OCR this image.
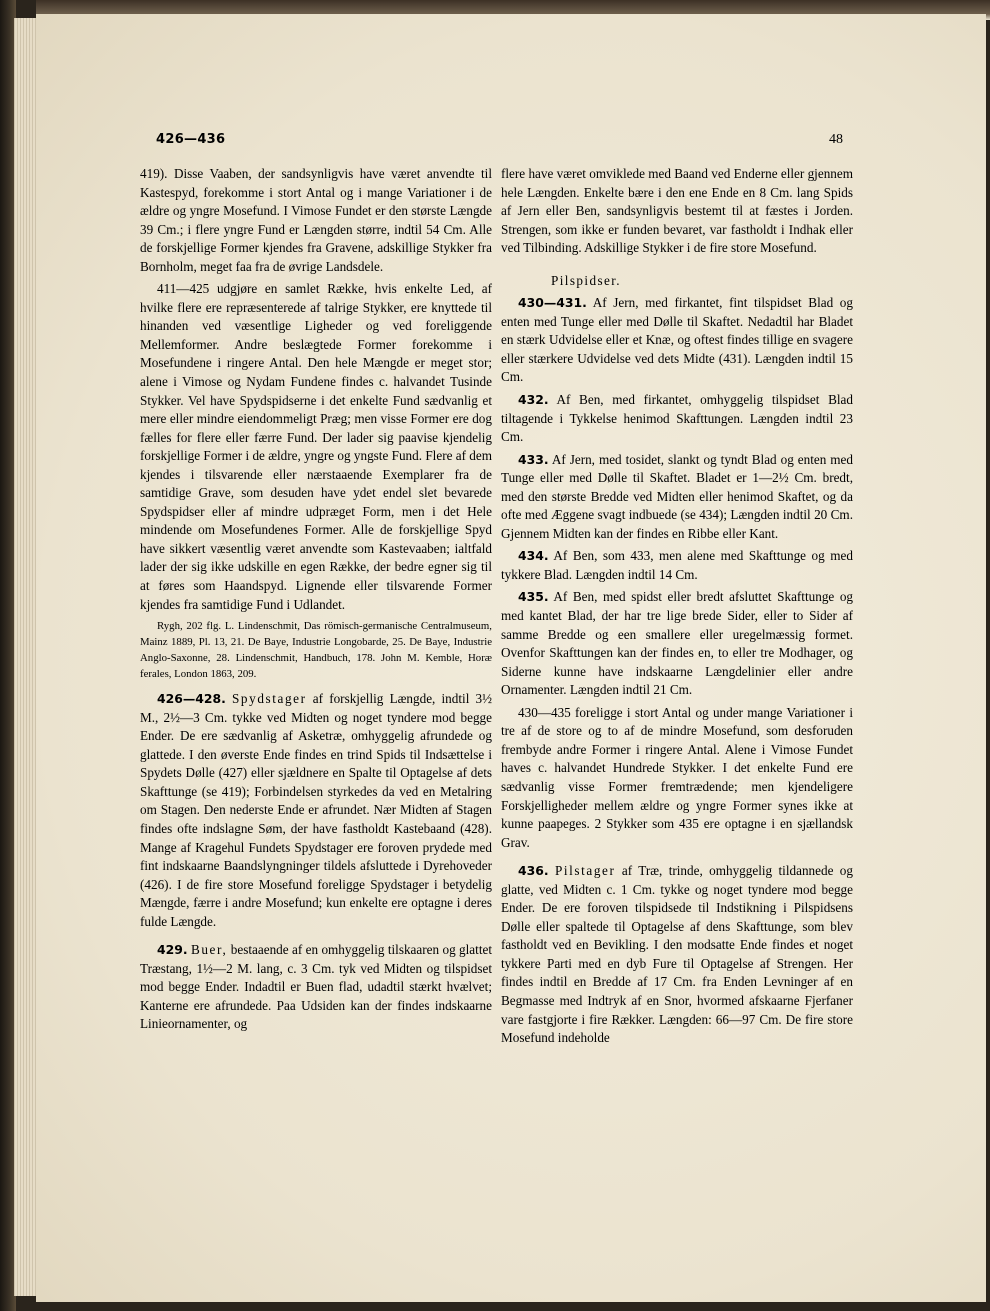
426—436	48

419). Disse Vaaben, der sandsynligvis have været anvendte til Kastespyd, forekomme i stort Antal og i mange Variationer i de ældre og yngre Mosefund. I Vimose Fundet er den største Længde 39 Cm.; i flere yngre Fund er Længden større, indtil 54 Cm. Alle de forskjellige Former kjendes fra Gravene, adskillige Stykker fra Bornholm, meget faa fra de øvrige Landsdele.

411—425 udgjøre en samlet Række, hvis enkelte Led, af hvilke flere ere repræsenterede af talrige Stykker, ere knyttede til hinanden ved væsentlige Ligheder og ved foreliggende Mellemformer. Andre beslægtede Former forekomme i Mosefundene i ringere Antal. Den hele Mængde er meget stor; alene i Vimose og Nydam Fundene findes c. halvandet Tusinde Stykker. Vel have Spydspidserne i det enkelte Fund sædvanlig et mere eller mindre eiendommeligt Præg; men visse Former ere dog fælles for flere eller færre Fund. Der lader sig paavise kjendelig forskjellige Former i de ældre, yngre og yngste Fund. Flere af dem kjendes i tilsvarende eller nærstaaende Exemplarer fra de samtidige Grave, som desuden have ydet endel slet bevarede Spydspidser eller af mindre udpræget Form, men i det Hele mindende om Mosefundenes Former. Alle de forskjellige Spyd have sikkert væsentlig været anvendte som Kastevaaben; ialtfald lader der sig ikke udskille en egen Række, der bedre egner sig til at føres som Haandspyd. Lignende eller tilsvarende Former kjendes fra samtidige Fund i Udlandet.

Rygh, 202 flg. L. Lindenschmit, Das römisch-germanische Centralmuseum, Mainz 1889, Pl. 13, 21. De Baye, Industrie Longobarde, 25. De Baye, Industrie Anglo-Saxonne, 28. Lindenschmit, Handbuch, 178. John M. Kemble, Horæ ferales, London 1863, 209.

426—428. Spydstager af forskjellig Længde, indtil 3½ M., 2½—3 Cm. tykke ved Midten og noget tyndere mod begge Ender. De ere sædvanlig af Asketræ, omhyggelig afrundede og glattede. I den øverste Ende findes en trind Spids til Indsættelse i Spydets Dølle (427) eller sjældnere en Spalte til Optagelse af dets Skafttunge (se 419); Forbindelsen styrkedes da ved en Metalring om Stagen. Den nederste Ende er afrundet. Nær Midten af Stagen findes ofte indslagne Søm, der have fastholdt Kastebaand (428). Mange af Kragehul Fundets Spydstager ere foroven prydede med fint indskaarne Baandslyngninger tildels afsluttede i Dyrehoveder (426). I de fire store Mosefund foreligge Spydstager i betydelig Mængde, færre i andre Mosefund; kun enkelte ere optagne i deres fulde Længde.

429. Buer, bestaaende af en omhyggelig tilskaaren og glattet Træstang, 1½—2 M. lang, c. 3 Cm. tyk ved Midten og tilspidset mod begge Ender. Indadtil er Buen flad, udadtil stærkt hvælvet; Kanterne ere afrundede. Paa Udsiden kan der findes indskaarne Linieornamenter, og

flere have været omviklede med Baand ved Enderne eller gjennem hele Længden. Enkelte bære i den ene Ende en 8 Cm. lang Spids af Jern eller Ben, sandsynligvis bestemt til at fæstes i Jorden. Strengen, som ikke er funden bevaret, var fastholdt i Indhak eller ved Tilbinding. Adskillige Stykker i de fire store Mosefund.

Pilspidser.

430—431. Af Jern, med firkantet, fint tilspidset Blad og enten med Tunge eller med Dølle til Skaftet. Nedadtil har Bladet en stærk Udvidelse eller et Knæ, og oftest findes tillige en svagere eller stærkere Udvidelse ved dets Midte (431). Længden indtil 15 Cm.

432. Af Ben, med firkantet, omhyggelig tilspidset Blad tiltagende i Tykkelse henimod Skafttungen. Længden indtil 23 Cm.

433. Af Jern, med tosidet, slankt og tyndt Blad og enten med Tunge eller med Dølle til Skaftet. Bladet er 1—2½ Cm. bredt, med den største Bredde ved Midten eller henimod Skaftet, og da ofte med Æggene svagt indbuede (se 434); Længden indtil 20 Cm. Gjennem Midten kan der findes en Ribbe eller Kant.

434. Af Ben, som 433, men alene med Skafttunge og med tykkere Blad. Længden indtil 14 Cm.

435. Af Ben, med spidst eller bredt afsluttet Skafttunge og med kantet Blad, der har tre lige brede Sider, eller to Sider af samme Bredde og een smallere eller uregelmæssig formet. Ovenfor Skafttungen kan der findes en, to eller tre Modhager, og Siderne kunne have indskaarne Længdelinier eller andre Ornamenter. Længden indtil 21 Cm.

430—435 foreligge i stort Antal og under mange Variationer i tre af de store og to af de mindre Mosefund, som desforuden frembyde andre Former i ringere Antal. Alene i Vimose Fundet haves c. halvandet Hundrede Stykker. I det enkelte Fund ere sædvanlig visse Former fremtrædende; men kjendeligere Forskjelligheder mellem ældre og yngre Former synes ikke at kunne paapeges. 2 Stykker som 435 ere optagne i en sjællandsk Grav.

436. Pilstager af Træ, trinde, omhyggelig tildannede og glatte, ved Midten c. 1 Cm. tykke og noget tyndere mod begge Ender. De ere foroven tilspidsede til Indstikning i Pilspidsens Dølle eller spaltede til Optagelse af dens Skafttunge, som blev fastholdt ved en Bevikling. I den modsatte Ende findes et noget tykkere Parti med en dyb Fure til Optagelse af Strengen. Her findes indtil en Bredde af 17 Cm. fra Enden Levninger af en Begmasse med Indtryk af en Snor, hvormed afskaarne Fjerfaner vare fastgjorte i fire Rækker. Længden: 66—97 Cm. De fire store Mosefund indeholde
